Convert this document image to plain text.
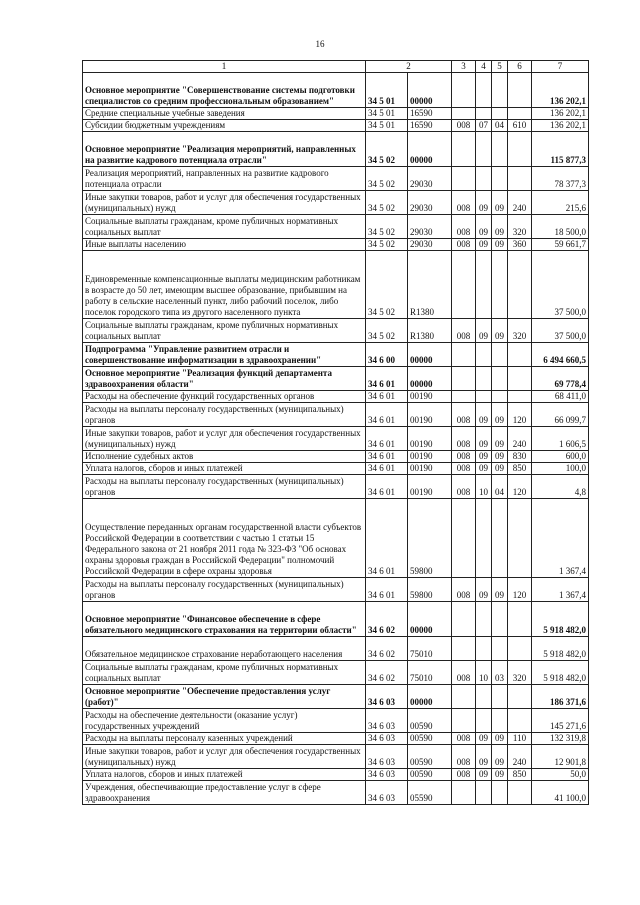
16
1	2		3	4	5	6	7
Основное мероприятие "Совершенствование системы подготовки специалистов со средним профессиональным образованием"	34 5 01	00000					136 202,1
Средние специальные учебные заведения	34 5 01	16590					136 202,1
Субсидии бюджетным учреждениям	34 5 01	16590	008	07	04	610	136 202,1
Основное мероприятие "Реализация мероприятий, направленных на развитие кадрового потенциала отрасли"	34 5 02	00000					115 877,3
Реализация мероприятий, направленных на развитие кадрового потенциала отрасли	34 5 02	29030					78 377,3
Иные закупки товаров, работ и услуг для обеспечения государственных (муниципальных) нужд	34 5 02	29030	008	09	09	240	215,6
Социальные выплаты гражданам, кроме публичных нормативных социальных выплат	34 5 02	29030	008	09	09	320	18 500,0
Иные выплаты населению	34 5 02	29030	008	09	09	360	59 661,7
Единовременные компенсационные выплаты медицинским работникам в возрасте до 50 лет, имеющим высшее образование, прибывшим на работу в сельские населенный пункт, либо рабочий поселок, либо поселок городского типа из другого населенного пункта	34 5 02	R1380					37 500,0
Социальные выплаты гражданам, кроме публичных нормативных социальных выплат	34 5 02	R1380	008	09	09	320	37 500,0
Подпрограмма "Управление развитием отрасли и совершенствование информатизации в здравоохранении"	34 6 00	00000					6 494 660,5
Основное мероприятие "Реализация функций департамента здравоохранения области"	34 6 01	00000					69 778,4
Расходы на обеспечение функций государственных органов	34 6 01	00190					68 411,0
Расходы на выплаты персоналу государственных (муниципальных) органов	34 6 01	00190	008	09	09	120	66 099,7
Иные закупки товаров, работ и услуг для обеспечения государственных (муниципальных) нужд	34 6 01	00190	008	09	09	240	1 606,5
Исполнение судебных актов	34 6 01	00190	008	09	09	830	600,0
Уплата налогов, сборов и иных платежей	34 6 01	00190	008	09	09	850	100,0
Расходы на выплаты персоналу государственных (муниципальных) органов	34 6 01	00190	008	10	04	120	4,8
Осуществление переданных органам государственной власти субъектов Российской Федерации в соответствии с частью 1 статьи 15 Федерального закона от 21 ноября 2011 года № 323-ФЗ "Об основах охраны здоровья граждан в Российской Федерации" полномочий Российской Федерации в сфере охраны здоровья	34 6 01	59800					1 367,4
Расходы на выплаты персоналу государственных (муниципальных) органов	34 6 01	59800	008	09	09	120	1 367,4
Основное мероприятие "Финансовое обеспечение в сфере обязательного медицинского страхования на территории области"	34 6 02	00000					5 918 482,0
Обязательное медицинское страхование неработающего населения	34 6 02	75010					5 918 482,0
Социальные выплаты гражданам, кроме публичных нормативных социальных выплат	34 6 02	75010	008	10	03	320	5 918 482,0
Основное мероприятие "Обеспечение предоставления услуг (работ)"	34 6 03	00000					186 371,6
Расходы на обеспечение деятельности (оказание услуг) государственных учреждений	34 6 03	00590					145 271,6
Расходы на выплаты персоналу казенных учреждений	34 6 03	00590	008	09	09	110	132 319,8
Иные закупки товаров, работ и услуг для обеспечения государственных (муниципальных) нужд	34 6 03	00590	008	09	09	240	12 901,8
Уплата налогов, сборов и иных платежей	34 6 03	00590	008	09	09	850	50,0
Учреждения, обеспечивающие предоставление услуг в сфере здравоохранения	34 6 03	05590					41 100,0
